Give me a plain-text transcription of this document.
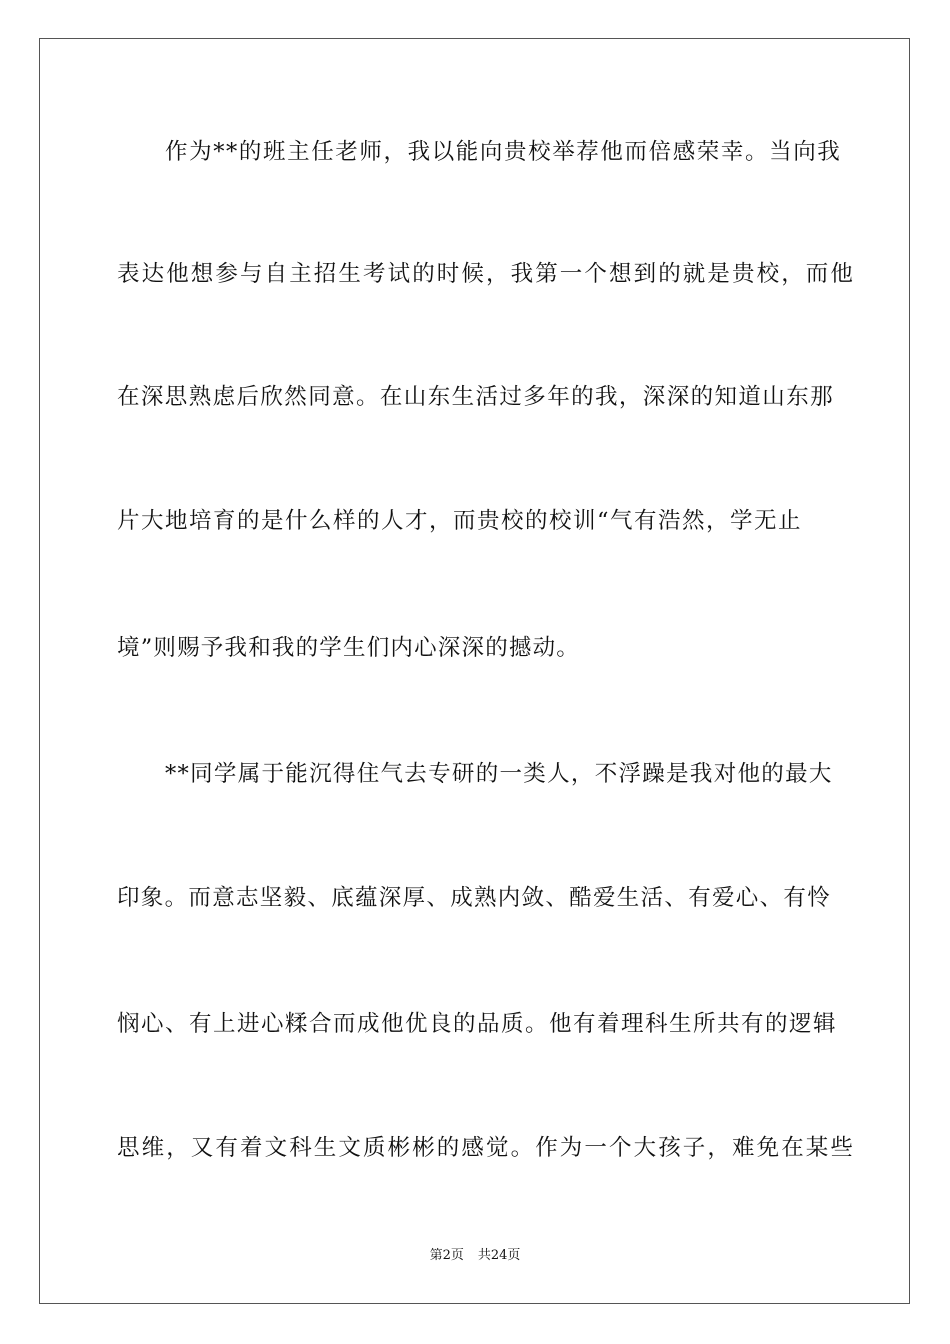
作为**的班主任老师，我以能向贵校举荐他而倍感荣幸。当向我
表达他想参与自主招生考试的时候，我第一个想到的就是贵校，而他
在深思熟虑后欣然同意。在山东生活过多年的我，深深的知道山东那
片大地培育的是什么样的人才，而贵校的校训“气有浩然，学无止
境”则赐予我和我的学生们内心深深的撼动。
**同学属于能沉得住气去专研的一类人，不浮躁是我对他的最大
印象。而意志坚毅、底蕴深厚、成熟内敛、酷爱生活、有爱心、有怜
悯心、有上进心糅合而成他优良的品质。他有着理科生所共有的逻辑
思维，又有着文科生文质彬彬的感觉。作为一个大孩子，难免在某些
第2页 共24页
